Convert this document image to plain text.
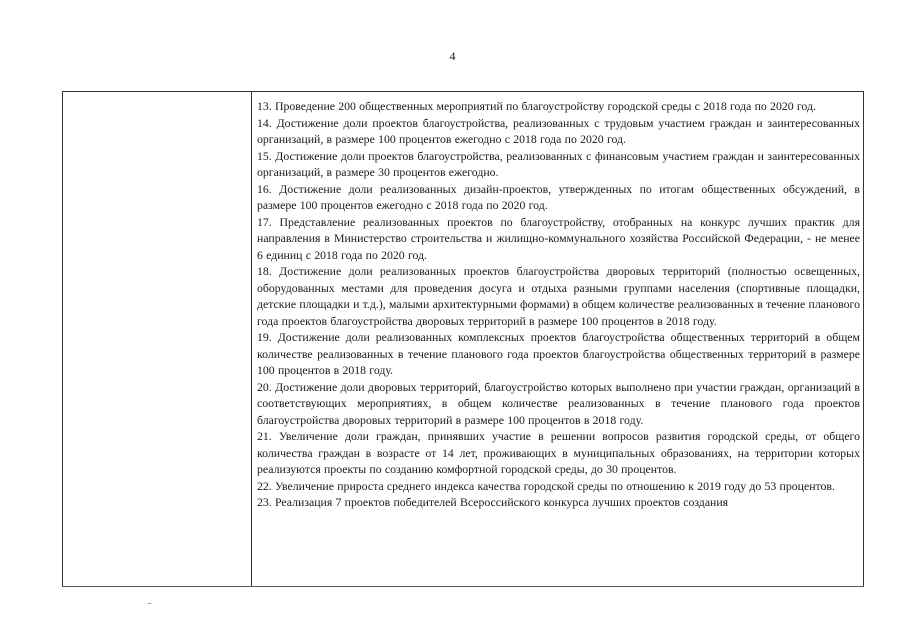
4

13. Проведение 200 общественных мероприятий по благоустройству городской среды с 2018 года по 2020 год.

14. Достижение доли проектов благоустройства, реализованных с трудовым участием граждан и заинтересованных организаций, в размере 100 процентов ежегодно с 2018 года по 2020 год.

15. Достижение доли проектов благоустройства, реализованных с финансовым участием граждан и заинтересованных организаций, в размере 30 процентов ежегодно.

16. Достижение доли реализованных дизайн-проектов, утвержденных по итогам общественных обсуждений, в размере 100 процентов ежегодно с 2018 года по 2020 год.

17. Представление реализованных проектов по благоустройству, отобранных на конкурс лучших практик для направления в Министерство строительства и жилищно-коммунального хозяйства Российской Федерации, - не менее 6 единиц с 2018 года по 2020 год.

18. Достижение доли реализованных проектов благоустройства дворовых территорий (полностью освещенных, оборудованных местами для проведения досуга и отдыха разными группами населения (спортивные площадки, детские площадки и т.д.), малыми архитектурными формами) в общем количестве реализованных в течение планового года проектов благоустройства дворовых территорий в размере 100 процентов в 2018 году.

19. Достижение доли реализованных комплексных проектов благоустройства общественных территорий в общем количестве реализованных в течение планового года проектов благоустройства общественных территорий в размере 100 процентов в 2018 году.

20. Достижение доли дворовых территорий, благоустройство которых выполнено при участии граждан, организаций в соответствующих мероприятиях, в общем количестве реализованных в течение планового года проектов благоустройства дворовых территорий в размере 100 процентов в 2018 году.

21. Увеличение доли граждан, принявших участие в решении вопросов развития городской среды, от общего количества граждан в возрасте от 14 лет, проживающих в муниципальных образованиях, на территории которых реализуются проекты по созданию комфортной городской среды, до 30 процентов.

22. Увеличение прироста среднего индекса качества городской среды по отношению к 2019 году до 53 процентов.

23. Реализация 7 проектов победителей Всероссийского конкурса лучших проектов создания
